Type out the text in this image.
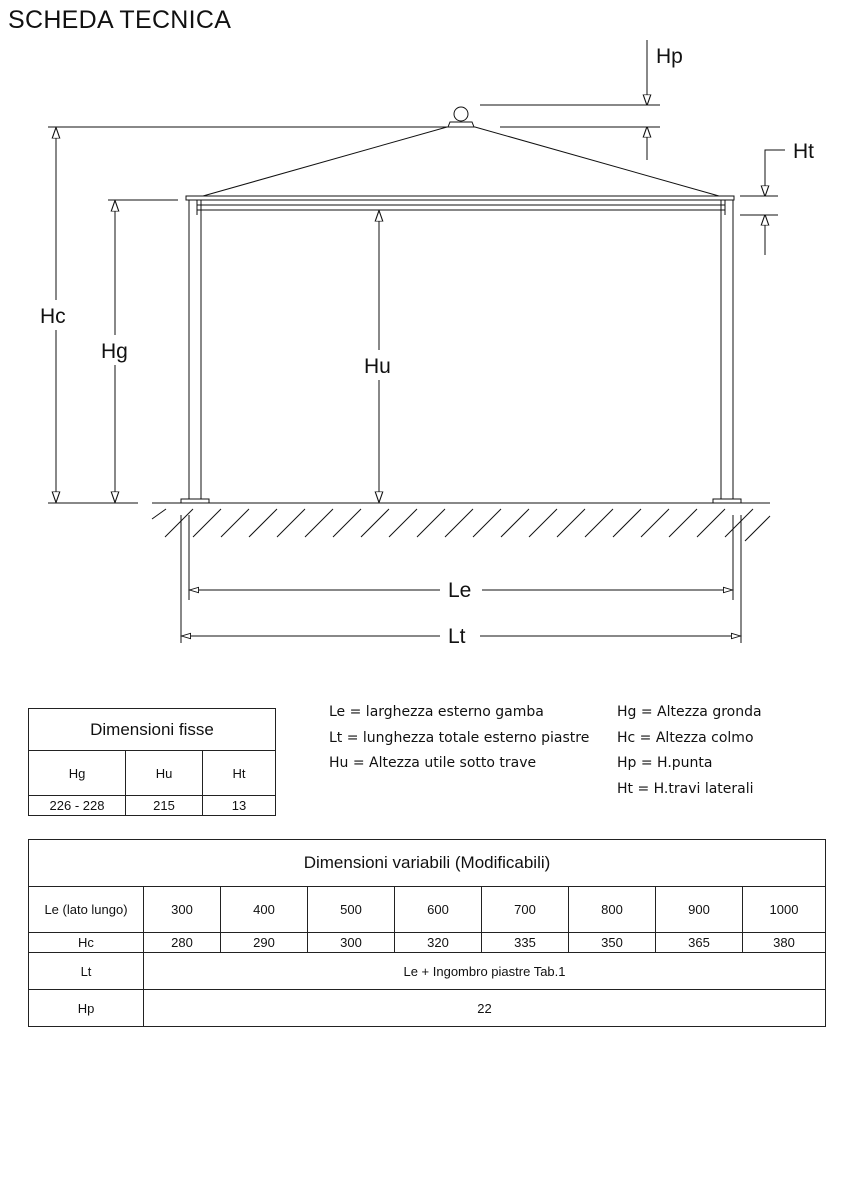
SCHEDA TECNICA
Hp
Ht
Hc
Hg
Hu
Le
Lt
Le = larghezza esterno gamba
Lt = lunghezza totale esterno piastre
Hu = Altezza utile sotto trave
Hg = Altezza gronda
Hc = Altezza colmo
Hp = H.punta
Ht = H.travi laterali
Dimensioni fisse		
Hg	Hu	Ht
226 - 228	215	13
Dimensioni variabili (Modificabili)								
Le (lato lungo)	300	400	500	600	700	800	900	1000
Hc	280	290	300	320	335	350	365	380
Lt	Le + Ingombro piastre Tab.1							
Hp	22							
